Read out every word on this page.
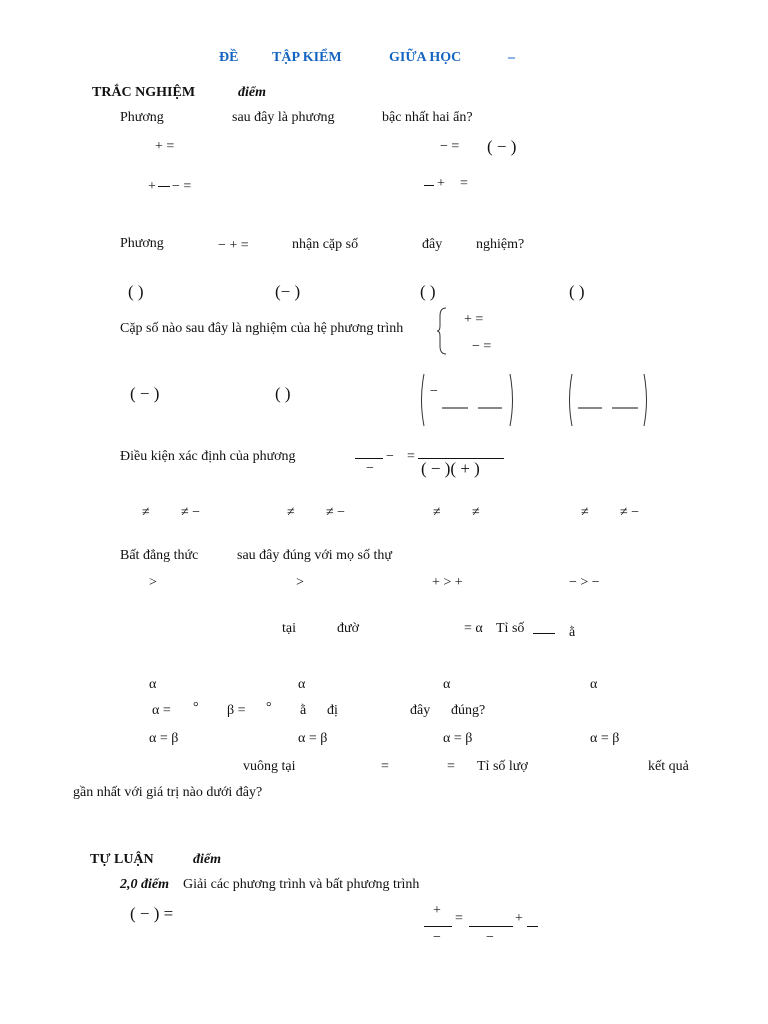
ĐỀ TẬP KIỂM	GIỮA HỌC	–
TRẮC NGHIỆM	điểm
Phương	sau đây là phương	bậc nhất hai ẩn?
+ =	− = ( − )
+ − =	+ =
Phương	− + =	nhận cặp số	đây nghiệm?
( )	(− )	( )	( )
Cặp số nào sau đây là nghiệm của hệ phương trình
+ =
− =
( − )	( )	−
Điều kiện xác định của phương	−
−
=
( − )( + )
≠ ≠ −	≠ ≠ −	≠ ≠	≠ ≠ −
Bất đẳng thức	sau đây đúng với mọ số thự
>	>	+ > +	− > −
tại	đườ	= α Tỉ số	ằ
α	α	α	α
α = ° β = ° ằ đị	đây đúng?
α = β	α = β	α = β	α = β
vuông tại	=	= Tỉ số lượ	kết quả
gần nhất với giá trị nào dưới đây?
TỰ LUẬN	điểm
2,0 điểm Giải các phương trình và bất phương trình
( − ) =	+
−
=
−
+
